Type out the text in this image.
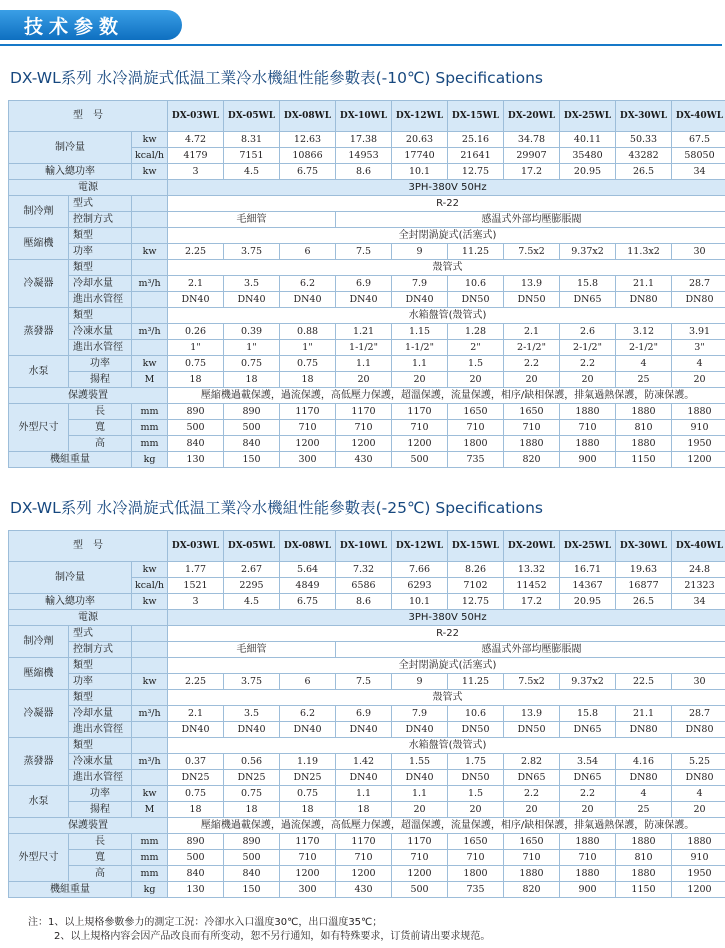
技术参数
DX-WL系列 水冷渦旋式低温工業冷水機組性能參數表(-10℃) Specifications
型　号			DX-03WL	DX-05WL	DX-08WL	DX-10WL	DX-12WL	DX-15WL	DX-20WL	DX-25WL	DX-30WL	DX-40WL
制冷量		kw	4.72	8.31	12.63	17.38	20.63	25.16	34.78	40.11	50.33	67.5
		kcal/h	4179	7151	10866	14953	17740	21641	29907	35480	43282	58050
輸入總功率		kw	3	4.5	6.75	8.6	10.1	12.75	17.2	20.95	26.5	34
電源			3PH-380V 50Hz									
制冷劑	型式		R-22									
	控制方式		毛細管			感温式外部均壓膨脹閥						
壓縮機	類型		全封閉渦旋式(活塞式)									
	功率	kw	2.25	3.75	6	7.5	9	11.25	7.5x2	9.37x2	11.3x2	30
冷凝器	類型		殼管式									
	冷却水量	m³/h	2.1	3.5	6.2	6.9	7.9	10.6	13.9	15.8	21.1	28.7
	進出水管徑		DN40	DN40	DN40	DN40	DN40	DN50	DN50	DN65	DN80	DN80
蒸發器	類型		水箱盤管(殼管式)									
	冷凍水量	m³/h	0.26	0.39	0.88	1.21	1.15	1.28	2.1	2.6	3.12	3.91
	進出水管徑		1"	1"	1"	1-1/2"	1-1/2"	2"	2-1/2"	2-1/2"	2-1/2"	3"
水泵	功率	kw	0.75	0.75	0.75	1.1	1.1	1.5	2.2	2.2	4	4
	揚程	M	18	18	18	20	20	20	20	20	25	20
保護裝置			壓縮機過載保護，過流保護，高低壓力保護，超溫保護，流量保護，相序/缺相保護，排氣過熱保護，防凍保護。									
外型尺寸	長	mm	890	890	1170	1170	1170	1650	1650	1880	1880	1880
	寬	mm	500	500	710	710	710	710	710	710	810	910
	高	mm	840	840	1200	1200	1200	1800	1880	1880	1880	1950
機組重量		kg	130	150	300	430	500	735	820	900	1150	1200
DX-WL系列 水冷渦旋式低温工業冷水機組性能參數表(-25℃) Specifications
型　号			DX-03WL	DX-05WL	DX-08WL	DX-10WL	DX-12WL	DX-15WL	DX-20WL	DX-25WL	DX-30WL	DX-40WL
制冷量		kw	1.77	2.67	5.64	7.32	7.66	8.26	13.32	16.71	19.63	24.8
		kcal/h	1521	2295	4849	6586	6293	7102	11452	14367	16877	21323
輸入總功率		kw	3	4.5	6.75	8.6	10.1	12.75	17.2	20.95	26.5	34
電源			3PH-380V 50Hz									
制冷劑	型式		R-22									
	控制方式		毛細管			感温式外部均壓膨脹閥						
壓縮機	類型		全封閉渦旋式(活塞式)									
	功率	kw	2.25	3.75	6	7.5	9	11.25	7.5x2	9.37x2	22.5	30
冷凝器	類型		殼管式									
	冷却水量	m³/h	2.1	3.5	6.2	6.9	7.9	10.6	13.9	15.8	21.1	28.7
	進出水管徑		DN40	DN40	DN40	DN40	DN40	DN50	DN50	DN65	DN80	DN80
蒸發器	類型		水箱盤管(殼管式)									
	冷凍水量	m³/h	0.37	0.56	1.19	1.42	1.55	1.75	2.82	3.54	4.16	5.25
	進出水管徑		DN25	DN25	DN25	DN40	DN40	DN50	DN65	DN65	DN80	DN80
水泵	功率	kw	0.75	0.75	0.75	1.1	1.1	1.5	2.2	2.2	4	4
	揚程	M	18	18	18	18	20	20	20	20	25	20
保護裝置			壓縮機過載保護，過流保護，高低壓力保護，超溫保護，流量保護，相序/缺相保護，排氣過熱保護，防凍保護。									
外型尺寸	長	mm	890	890	1170	1170	1170	1650	1650	1880	1880	1880
	寬	mm	500	500	710	710	710	710	710	710	810	910
	高	mm	840	840	1200	1200	1200	1800	1880	1880	1880	1950
機組重量		kg	130	150	300	430	500	735	820	900	1150	1200
注：1、以上規格參數參力的測定工況：冷卻水入口溫度30℃，出口溫度35℃；
2、以上規格内容会因产品改良而有所变动，恕不另行通知，如有特殊要求，订货前请出要求规范。
